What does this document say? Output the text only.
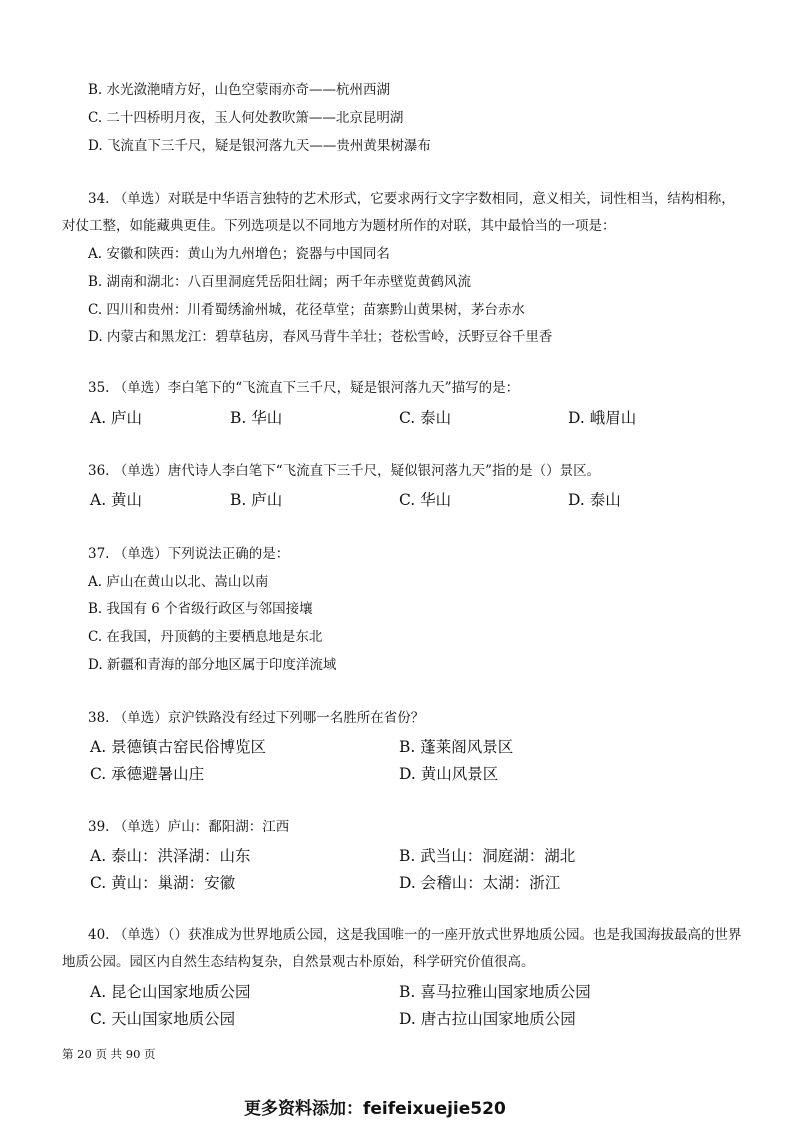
B. 水光潋滟晴方好，山色空蒙雨亦奇——杭州西湖
C. 二十四桥明月夜，玉人何处教吹箫——北京昆明湖
D. 飞流直下三千尺，疑是银河落九天——贵州黄果树瀑布
34. （单选）对联是中华语言独特的艺术形式，它要求两行文字字数相同，意义相关，词性相当，结构相称，对仗工整，如能藏典更佳。下列选项是以不同地方为题材所作的对联，其中最恰当的一项是：
A. 安徽和陕西：黄山为九州增色；瓷器与中国同名
B. 湖南和湖北：八百里洞庭凭岳阳壮阔；两千年赤壁览黄鹤风流
C. 四川和贵州：川肴蜀绣渝州城，花径草堂；苗寨黔山黄果树，茅台赤水
D. 内蒙古和黑龙江：碧草毡房，春风马背牛羊壮；苍松雪岭，沃野豆谷千里香
35. （单选）李白笔下的“飞流直下三千尺，疑是银河落九天”描写的是：
A. 庐山	B. 华山	C. 泰山	D. 峨眉山
36. （单选）唐代诗人李白笔下“飞流直下三千尺，疑似银河落九天”指的是（）景区。
A. 黄山	B. 庐山	C. 华山	D. 泰山
37. （单选）下列说法正确的是：
A. 庐山在黄山以北、嵩山以南
B. 我国有 6 个省级行政区与邻国接壤
C. 在我国，丹顶鹤的主要栖息地是东北
D. 新疆和青海的部分地区属于印度洋流域
38. （单选）京沪铁路没有经过下列哪一名胜所在省份？
A. 景德镇古窑民俗博览区	B. 蓬莱阁风景区
C. 承德避暑山庄	D. 黄山风景区
39. （单选）庐山：鄱阳湖：江西
A. 泰山：洪泽湖：山东	B. 武当山：洞庭湖：湖北
C. 黄山：巢湖：安徽	D. 会稽山：太湖：浙江
40. （单选）（）获准成为世界地质公园，这是我国唯一的一座开放式世界地质公园。也是我国海拔最高的世界地质公园。园区内自然生态结构复杂，自然景观古朴原始，科学研究价值很高。
A. 昆仑山国家地质公园	B. 喜马拉雅山国家地质公园
C. 天山国家地质公园	D. 唐古拉山国家地质公园
第 20 页 共 90 页
更多资料添加：feifeixuejie520
